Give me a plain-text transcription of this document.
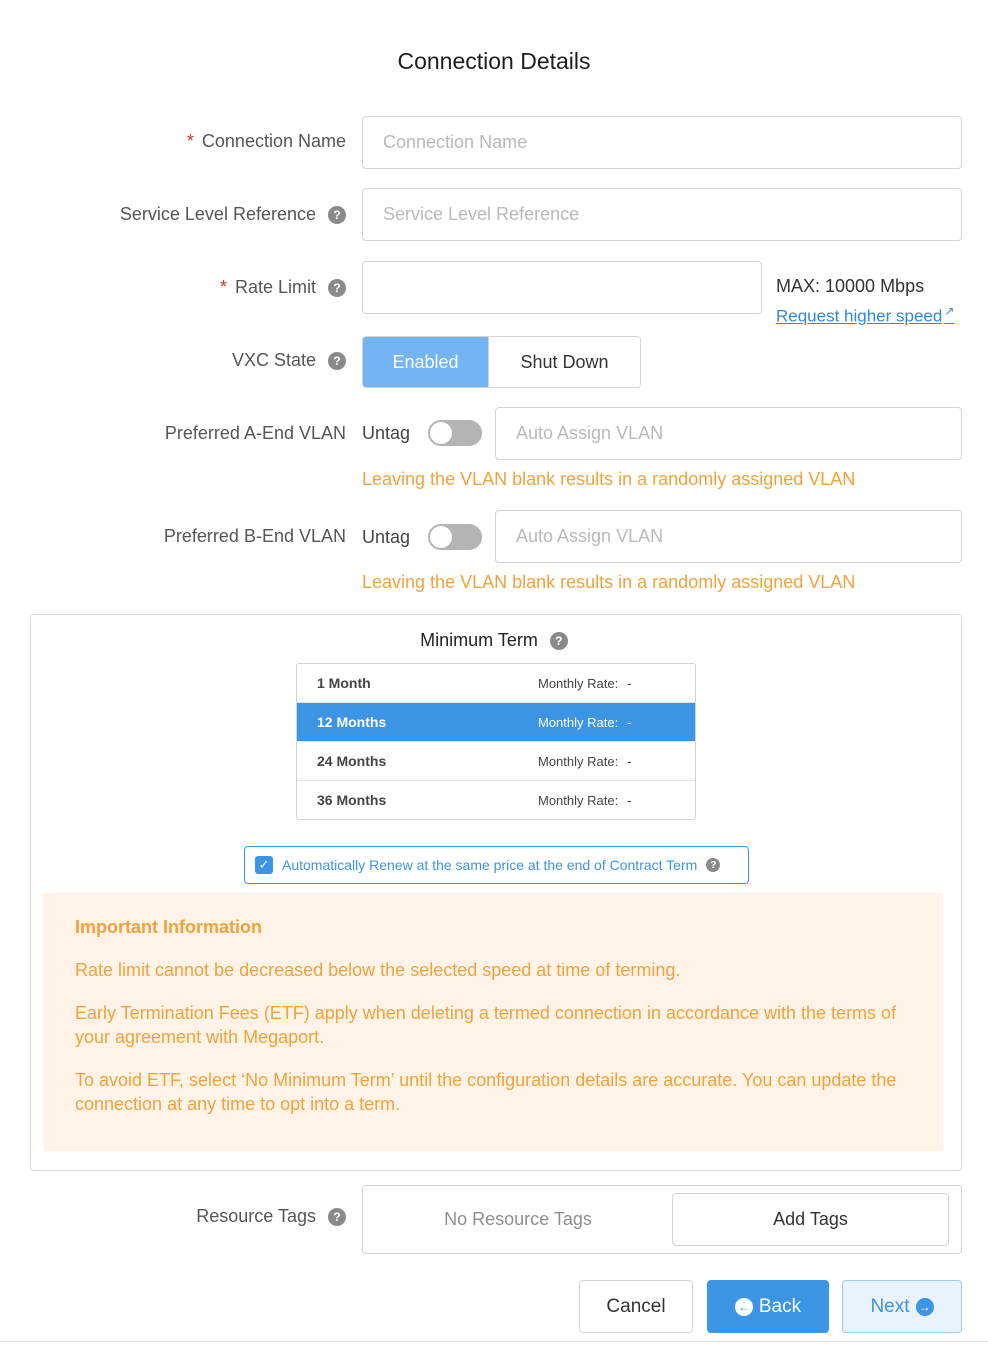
Connection Details
* Connection Name
Connection Name
Service Level Reference	?
Service Level Reference
* Rate Limit	?	MAX: 10000 Mbps
Request higher speed ↗
VXC State	?	Enabled	Shut Down
Preferred A-End VLAN Untag
Auto Assign VLAN
Leaving the VLAN blank results in a randomly assigned VLAN
Preferred B-End VLAN Untag
Auto Assign VLAN
Leaving the VLAN blank results in a randomly assigned VLAN
Minimum Term	?
1 Month	Monthly Rate: -
12 Months	Monthly Rate: -
24 Months	Monthly Rate: -
36 Months	Monthly Rate: -
✓ Automatically Renew at the same price at the end of Contract Term	?
Important Information

Rate limit cannot be decreased below the selected speed at time of terming.

Early Termination Fees (ETF) apply when deleting a termed connection in accordance with the terms of your agreement with Megaport.

To avoid ETF, select ‘No Minimum Term’ until the configuration details are accurate. You can update the connection at any time to opt into a term.

Resource Tags	?	No Resource Tags	Add Tags
Cancel	← Back	Next →
